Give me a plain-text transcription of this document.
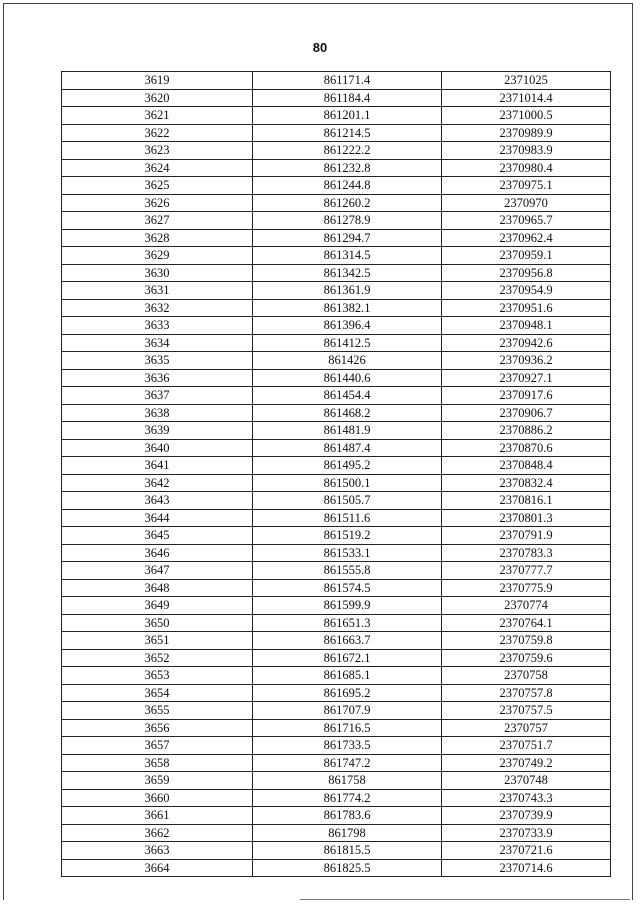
80
3619	861171.4	2371025
3620	861184.4	2371014.4
3621	861201.1	2371000.5
3622	861214.5	2370989.9
3623	861222.2	2370983.9
3624	861232.8	2370980.4
3625	861244.8	2370975.1
3626	861260.2	2370970
3627	861278.9	2370965.7
3628	861294.7	2370962.4
3629	861314.5	2370959.1
3630	861342.5	2370956.8
3631	861361.9	2370954.9
3632	861382.1	2370951.6
3633	861396.4	2370948.1
3634	861412.5	2370942.6
3635	861426	2370936.2
3636	861440.6	2370927.1
3637	861454.4	2370917.6
3638	861468.2	2370906.7
3639	861481.9	2370886.2
3640	861487.4	2370870.6
3641	861495.2	2370848.4
3642	861500.1	2370832.4
3643	861505.7	2370816.1
3644	861511.6	2370801.3
3645	861519.2	2370791.9
3646	861533.1	2370783.3
3647	861555.8	2370777.7
3648	861574.5	2370775.9
3649	861599.9	2370774
3650	861651.3	2370764.1
3651	861663.7	2370759.8
3652	861672.1	2370759.6
3653	861685.1	2370758
3654	861695.2	2370757.8
3655	861707.9	2370757.5
3656	861716.5	2370757
3657	861733.5	2370751.7
3658	861747.2	2370749.2
3659	861758	2370748
3660	861774.2	2370743.3
3661	861783.6	2370739.9
3662	861798	2370733.9
3663	861815.5	2370721.6
3664	861825.5	2370714.6
